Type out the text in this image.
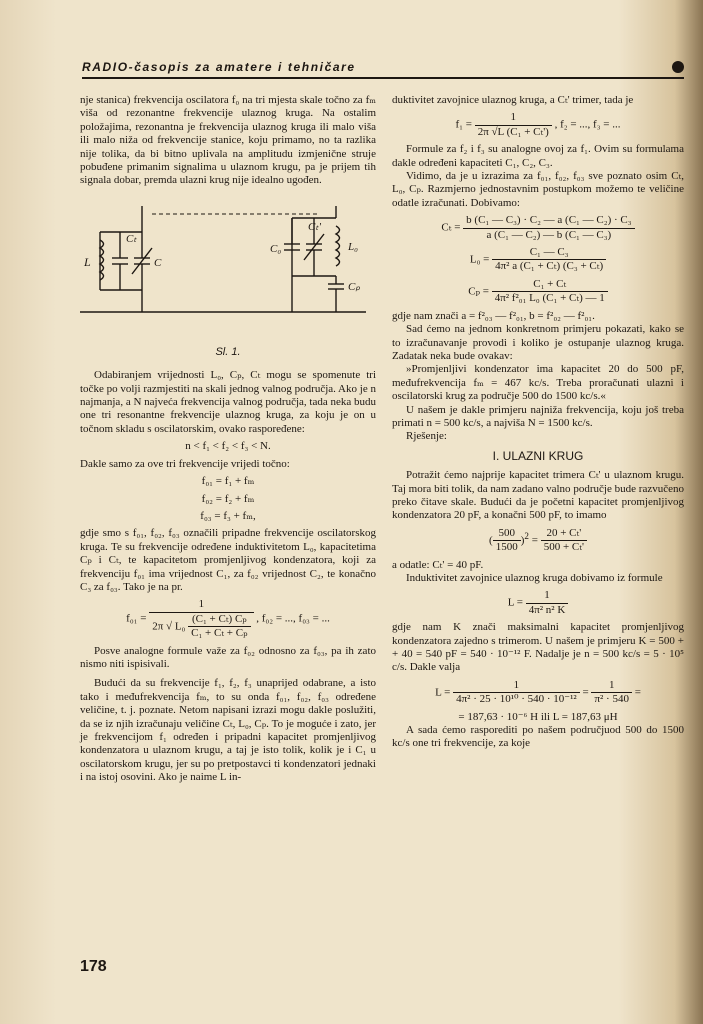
RADIO-časopis za amatere i tehničare

nje stanica) frekvencija oscilatora f₀ na tri mjesta skale točno za fₘ viša od rezonantne frekvencije ulaznog kruga. Na ostalim položajima, rezonantna je frekvencija ulaznog kruga ili malo viša ili malo niža od frekvencije stanice, koju primamo, no ta razlika nije tolika, da bi bitno uplivala na amplitudu izmjenične struje pobuđene primanim signalima u ulaznom krugu, pa je prijem tih signala dobar, premda ulazni krug nije idealno ugođen.

L
Cₜ
C
C₀
Cₜ'
L₀
Cₚ
Sl. 1.

Odabiranjem vrijednosti L₀, Cₚ, Cₜ mogu se spomenute tri točke po volji razmjestiti na skali jednog valnog područja. Ako je n najmanja, a N najveća frekvencija valnog područja, tada neka budu one tri resonantne frekvencije ulaznog kruga, za koju je on u točnom skladu s oscilatorskim, ovako raspoređene:

n < f₁ < f₂ < f₃ < N.

Dakle samo za ove tri frekvencije vrijedi točno:

f₀₁ = f₁ + fₘ
f₀₂ = f₂ + fₘ
f₀₃ = f₃ + fₘ,

gdje smo s f₀₁, f₀₂, f₀₃ označili pripadne frekvencije oscilatorskog kruga. Te su frekvencije određene induktivitetom L₀, kapacitetima Cₚ i Cₜ, te kapacitetom promjenljivog kondenzatora, koji za frekvenciju f₀₁ ima vrijednost C₁, za f₀₂ vrijednost C₂, te konačno C₃ za f₀₃. Tako je na pr.

f₀₁ =
1
2π √ $L_0 \frac{\text{(C₁ + Cₜ) Cₚ}}{\text{C₁ + Cₜ + Cₚ}}$ , f₀₂ = ..., f₀₃ = ...

Posve analogne formule važe za f₀₂ odnosno za f₀₃, pa ih zato nismo niti ispisivali.

Budući da su frekvencije f₁, f₂, f₃ unaprijed odabrane, a isto tako i međufrekvencija fₘ, to su onda f₀₁, f₀₂, f₀₃ određene veličine, t. j. poznate. Netom napisani izrazi mogu dakle poslužiti, da se iz njih izračunaju veličine Cₜ, L₀, Cₚ. To je moguće i zato, jer je frekvencijom f₁ određen i pripadni kapacitet promjenljivog kondenzatora u ulaznom krugu, a taj je isto tolik, kolik je i C₁ u oscilatorskom krugu, jer su po pretpostavci ti kondenzatori jednaki i na istoj osovini. Ako je naime L in-

duktivitet zavojnice ulaznog kruga, a Cₜ' trimer, tada je

$f_1 = \frac{1}{\text{2π √L (C₁ + Cₜ')}}$ , f₂ = ..., f₃ = ...

Formule za f₂ i f₃ su analogne ovoj za f₁. Ovim su formulama dakle određeni kapaciteti C₁, C₂, C₃.

Vidimo, da je u izrazima za f₀₁, f₀₂, f₀₃ sve poznato osim Cₜ, L₀, Cₚ. Razmjerno jednostavnim postupkom možemo te veličine odatle izračunati. Dobivamo:

$C_t = \frac{\text{b (C₁ — C₃) · C₂ — a (C₁ — C₂) · C₃}}{\text{a (C₁ — C₂) — b (C₁ — C₃)}}$
$L_0 = \frac{\text{C₁ — C₃}}{\text{4π² a (C₁ + Cₜ) (C₃ + Cₜ)}}$
$C_p = \frac{\text{C₁ + Cₜ}}{\text{4π² f²₀₁ L₀ (C₁ + Cₜ) — 1}}$

gdje nam znači a = f²₀₃ — f²₀₁, b = f²₀₂ — f²₀₁.

Sad ćemo na jednom konkretnom primjeru pokazati, kako se to izračunavanje provodi i koliko je ostupanje ulaznog kruga. Zadatak neka bude ovakav:

»Promjenljivi kondenzator ima kapacitet 20 do 500 pF, međufrekvencija fₘ = 467 kc/s. Treba proračunati ulazni i oscilatorski krug za područje 500 do 1500 kc/s.«

U našem je dakle primjeru najniža frekvencija, koju još treba primati n = 500 kc/s, a najviša N = 1500 kc/s.

Rješenje:

I. ULAZNI KRUG

Potražit ćemo najprije kapacitet trimera Cₜ' u ulaznom krugu. Taj mora biti tolik, da nam zadano valno područje bude razvučeno preko čitave skale. Budući da je početni kapacitet promjenljivog kondenzatora 20 pF, a konačni 500 pF, to imamo

( $\frac{500}{1500} )^2 = \frac{\text{20 + Cₜ'}}{\text{500 + Cₜ'}}$

a odatle: Cₜ' = 40 pF.

Induktivitet zavojnice ulaznog kruga dobivamo iz formule

$L = \frac{1}{\text{4π² n² K}}$

gdje nam K znači maksimalni kapacitet promjenljivog kondenzatora zajedno s trimerom. U našem je primjeru K = 500 + + 40 = 540 pF = 540 · 10⁻¹² F. Nadalje je n = 500 kc/s = 5 · 10⁵ c/s. Dakle valja

$L = \frac{1}{\text{4π² · 25 · 10¹⁰ · 540 · 10⁻¹²}} = \frac{1}{\text{π² · 540}}$ =
= 187,63 · 10⁻⁶ H ili L = 187,63 μH

A sada ćemo rasporediti po našem područjuod 500 do 1500 kc/s one tri frekvencije, za koje

178
